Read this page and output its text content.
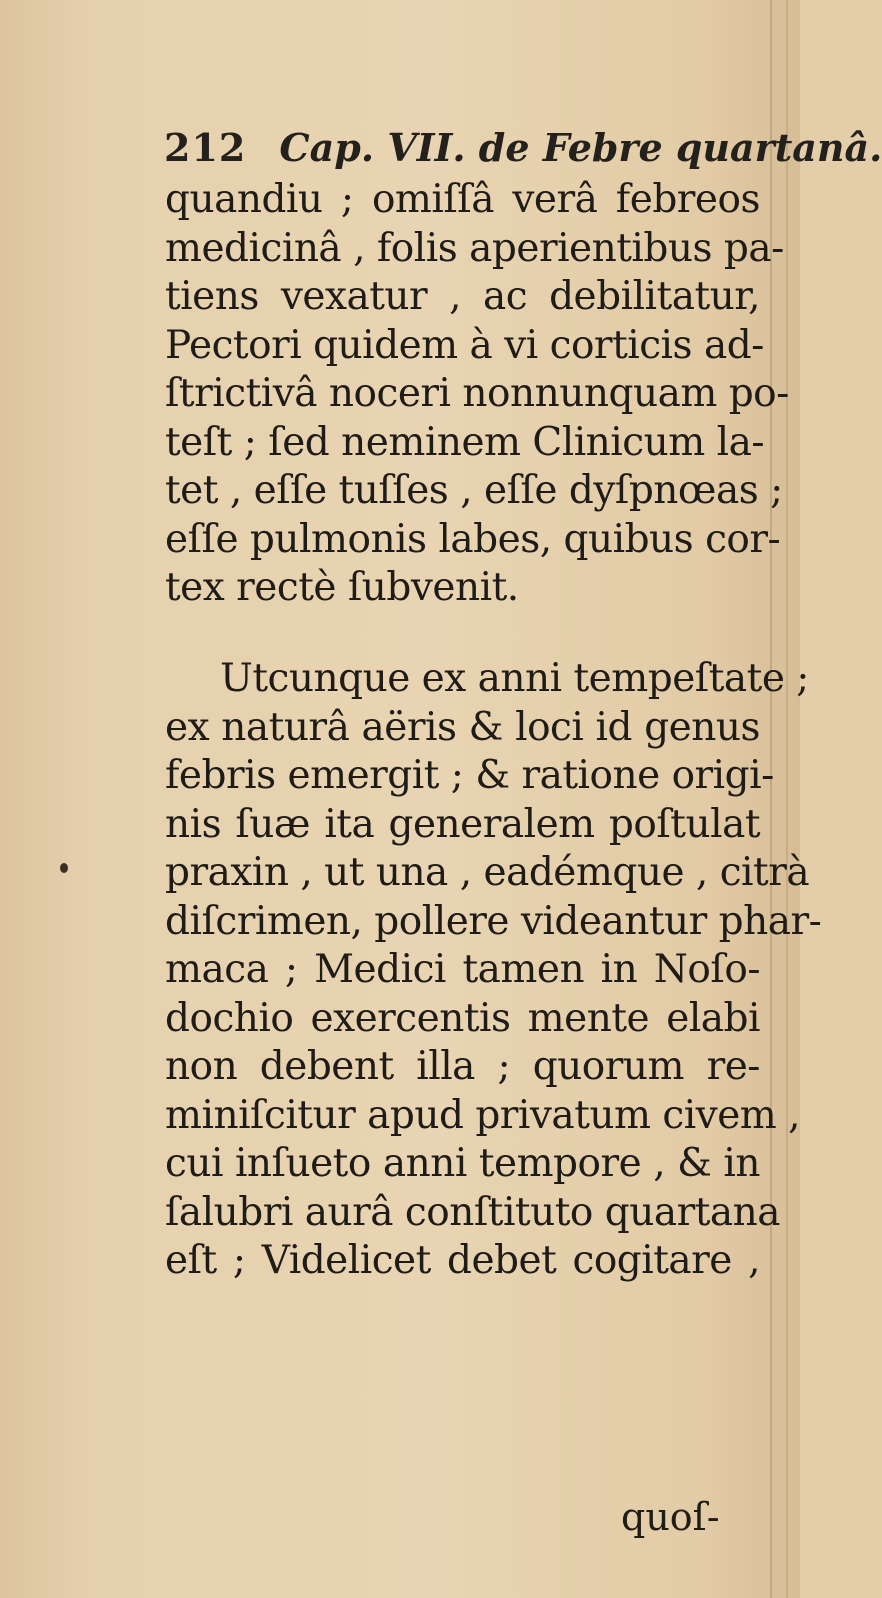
212 Cap. VII. de Febre quartanâ.
quandiu ; omiſſâ verâ febreos
medicinâ , folis aperientibus pa-
tiens vexatur , ac debilitatur,
Pectori quidem à vi corticis ad-
ſtrictivâ noceri nonnunquam po-
teſt ; ſed neminem Clinicum la-
tet , eſſe tuſſes , eſſe dyſpnœas ;
eſſe pulmonis labes, quibus cor-
tex rectè ſubvenit.
Utcunque ex anni tempeſtate ;
ex naturâ aëris & loci id genus
febris emergit ; & ratione origi-
nis ſuæ ita generalem poſtulat
praxin , ut una , eadémque , citrà
diſcrimen, pollere videantur phar-
maca ; Medici tamen in Noſo-
dochio exercentis mente elabi
non debent illa ; quorum re-
miniſcitur apud privatum civem ,
cui inſueto anni tempore , & in
ſalubri aurâ conſtituto quartana
eſt ; Videlicet debet cogitare ,
quoſ-
